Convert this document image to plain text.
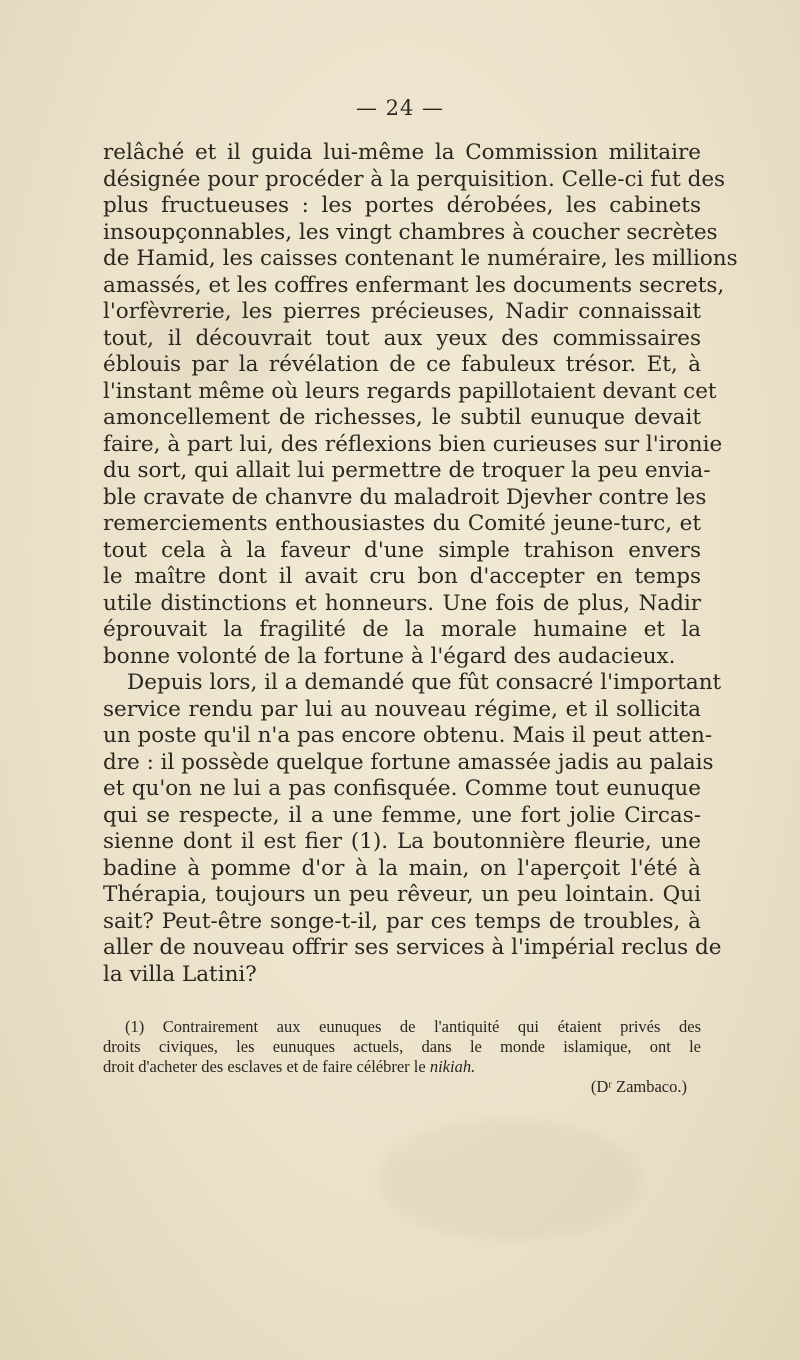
— 24 —
relâché et il guida lui-même la Commission militaire
désignée pour procéder à la perquisition. Celle-ci fut des
plus fructueuses : les portes dérobées, les cabinets
insoupçonnables, les vingt chambres à coucher secrètes
de Hamid, les caisses contenant le numéraire, les millions
amassés, et les coffres enfermant les documents secrets,
l'orfèvrerie, les pierres précieuses, Nadir connaissait
tout, il découvrait tout aux yeux des commissaires
éblouis par la révélation de ce fabuleux trésor. Et, à
l'instant même où leurs regards papillotaient devant cet
amoncellement de richesses, le subtil eunuque devait
faire, à part lui, des réflexions bien curieuses sur l'ironie
du sort, qui allait lui permettre de troquer la peu envia-
ble cravate de chanvre du maladroit Djevher contre les
remerciements enthousiastes du Comité jeune-turc, et
tout cela à la faveur d'une simple trahison envers
le maître dont il avait cru bon d'accepter en temps
utile distinctions et honneurs. Une fois de plus, Nadir
éprouvait la fragilité de la morale humaine et la
bonne volonté de la fortune à l'égard des audacieux.
Depuis lors, il a demandé que fût consacré l'important
service rendu par lui au nouveau régime, et il sollicita
un poste qu'il n'a pas encore obtenu. Mais il peut atten-
dre : il possède quelque fortune amassée jadis au palais
et qu'on ne lui a pas confisquée. Comme tout eunuque
qui se respecte, il a une femme, une fort jolie Circas-
sienne dont il est fier (1). La boutonnière fleurie, une
badine à pomme d'or à la main, on l'aperçoit l'été à
Thérapia, toujours un peu rêveur, un peu lointain. Qui
sait? Peut-être songe-t-il, par ces temps de troubles, à
aller de nouveau offrir ses services à l'impérial reclus de
la villa Latini?
(1) Contrairement aux eunuques de l'antiquité qui étaient privés des
droits civiques, les eunuques actuels, dans le monde islamique, ont le
droit d'acheter des esclaves et de faire célébrer le nikiah.
(Dʳ Zambaco.)
